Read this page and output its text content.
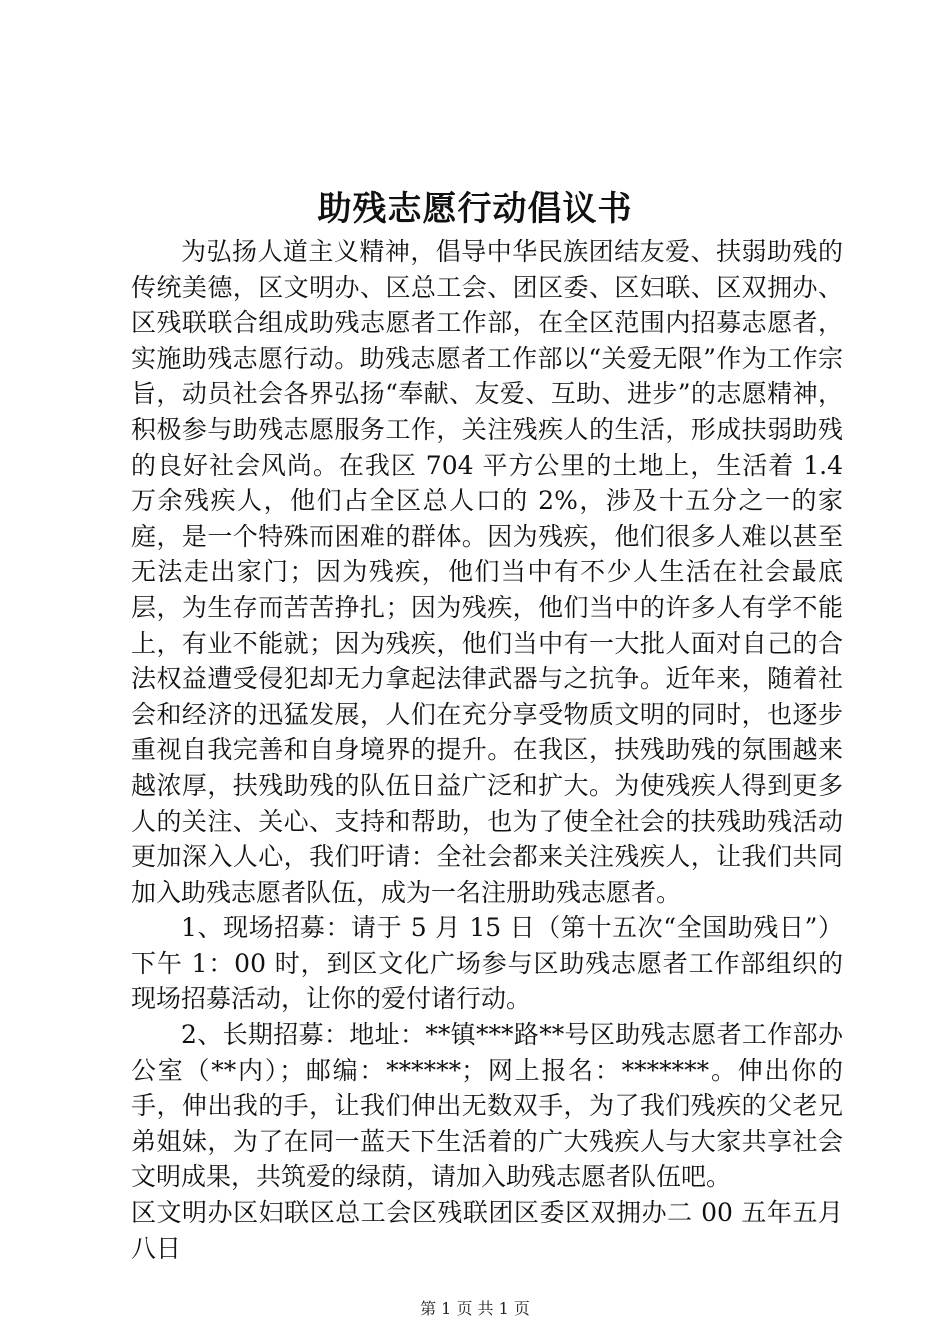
助残志愿行动倡议书

为弘扬人道主义精神，倡导中华民族团结友爱、扶弱助残的传统美德，区文明办、区总工会、团区委、区妇联、区双拥办、区残联联合组成助残志愿者工作部，在全区范围内招募志愿者，实施助残志愿行动。助残志愿者工作部以“关爱无限”作为工作宗旨，动员社会各界弘扬“奉献、友爱、互助、进步”的志愿精神，积极参与助残志愿服务工作，关注残疾人的生活，形成扶弱助残的良好社会风尚。在我区 704 平方公里的土地上，生活着 1.4 万余残疾人，他们占全区总人口的 2%，涉及十五分之一的家庭，是一个特殊而困难的群体。因为残疾，他们很多人难以甚至无法走出家门；因为残疾，他们当中有不少人生活在社会最底层，为生存而苦苦挣扎；因为残疾，他们当中的许多人有学不能上，有业不能就；因为残疾，他们当中有一大批人面对自己的合法权益遭受侵犯却无力拿起法律武器与之抗争。近年来，随着社会和经济的迅猛发展，人们在充分享受物质文明的同时，也逐步重视自我完善和自身境界的提升。在我区，扶残助残的氛围越来越浓厚，扶残助残的队伍日益广泛和扩大。为使残疾人得到更多人的关注、关心、支持和帮助，也为了使全社会的扶残助残活动更加深入人心，我们吁请：全社会都来关注残疾人，让我们共同加入助残志愿者队伍，成为一名注册助残志愿者。

1、现场招募：请于 5 月 15 日（第十五次“全国助残日”）下午 1：00 时，到区文化广场参与区助残志愿者工作部组织的现场招募活动，让你的爱付诸行动。

2、长期招募：地址：**镇***路**号区助残志愿者工作部办公室（**内）；邮编：******；网上报名：*******。伸出你的手，伸出我的手，让我们伸出无数双手，为了我们残疾的父老兄弟姐妹，为了在同一蓝天下生活着的广大残疾人与大家共享社会文明成果，共筑爱的绿荫，请加入助残志愿者队伍吧。

区文明办区妇联区总工会区残联团区委区双拥办二 00 五年五月八日

第 1 页 共 1 页
